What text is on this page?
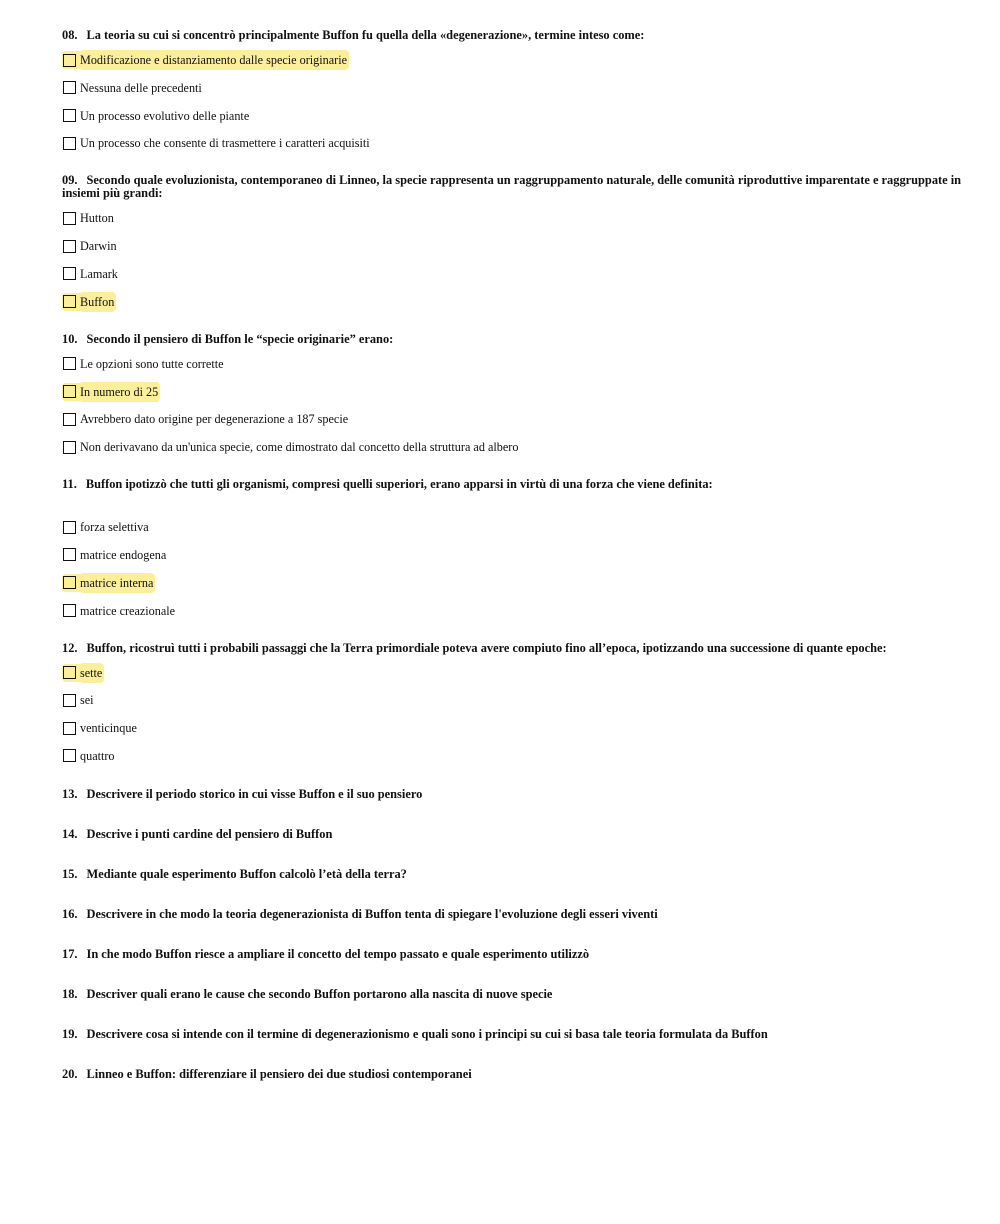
08. La teoria su cui si concentrò principalmente Buffon fu quella della «degenerazione», termine inteso come:

Modificazione e distanziamento dalle specie originarie
Nessuna delle precedenti
Un processo evolutivo delle piante
Un processo che consente di trasmettere i caratteri acquisiti

09. Secondo quale evoluzionista, contemporaneo di Linneo, la specie rappresenta un raggruppamento naturale, delle comunità riproduttive imparentate e raggruppate in insiemi più grandi:

Hutton
Darwin
Lamark
Buffon

10. Secondo il pensiero di Buffon le “specie originarie” erano:

Le opzioni sono tutte corrette
In numero di 25
Avrebbero dato origine per degenerazione a 187 specie
Non derivavano da un'unica specie, come dimostrato dal concetto della struttura ad albero

11. Buffon ipotizzò che tutti gli organismi, compresi quelli superiori, erano apparsi in virtù di una forza che viene definita:

forza selettiva
matrice endogena
matrice interna
matrice creazionale

12. Buffon, ricostruì tutti i probabili passaggi che la Terra primordiale poteva avere compiuto fino all’epoca, ipotizzando una successione di quante epoche:

sette
sei
venticinque
quattro

13. Descrivere il periodo storico in cui visse Buffon e il suo pensiero

14. Descrive i punti cardine del pensiero di Buffon

15. Mediante quale esperimento Buffon calcolò l’età della terra?

16. Descrivere in che modo la teoria degenerazionista di Buffon tenta di spiegare l'evoluzione degli esseri viventi

17. In che modo Buffon riesce a ampliare il concetto del tempo passato e quale esperimento utilizzò

18. Descriver quali erano le cause che secondo Buffon portarono alla nascita di nuove specie

19. Descrivere cosa si intende con il termine di degenerazionismo e quali sono i principi su cui si basa tale teoria formulata da Buffon

20. Linneo e Buffon: differenziare il pensiero dei due studiosi contemporanei
